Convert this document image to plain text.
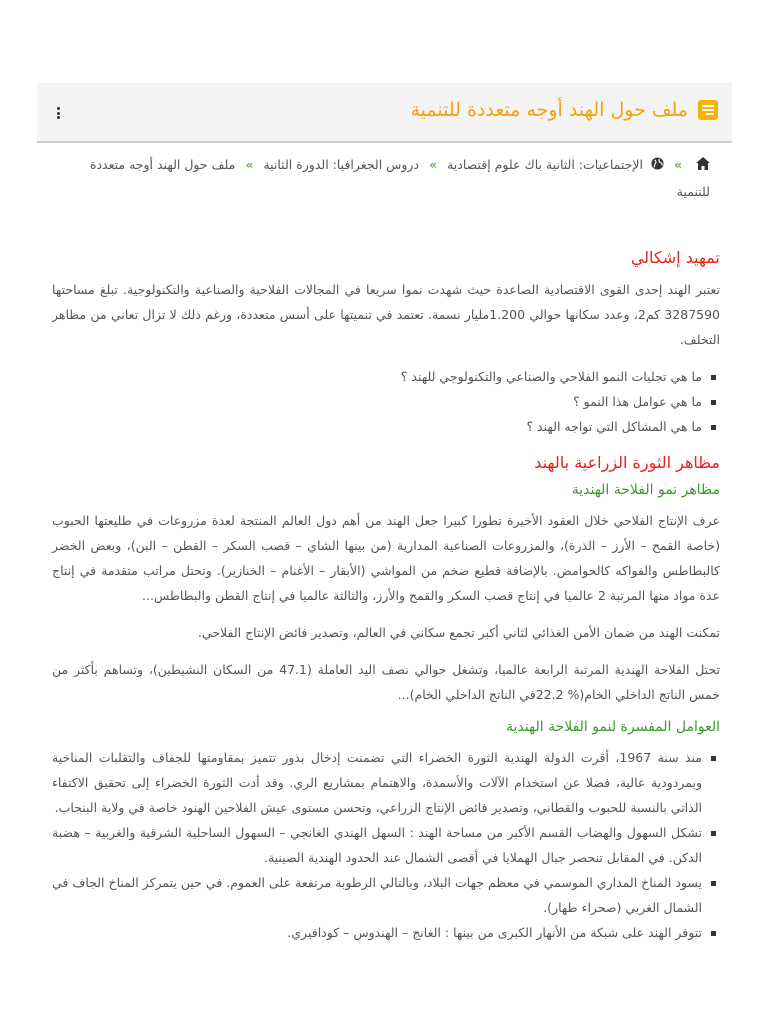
ملف حول الهند أوجه متعددة للتنمية
»  الإجتماعيات: الثانية باك علوم إقتصادية » دروس الجغرافيا: الدورة الثانية » ملف حول الهند أوجه متعددة للتنمية
تمهيد إشكالي

تعتبر الهند إحدى القوى الاقتصادية الصاعدة حيث شهدت نموا سريعا في المجالات الفلاحية والصناعية والتكنولوجية. تبلغ مساحتها 3287590 كم2، وعدد سكانها حوالي 1.200مليار نسمة. تعتمد في تنميتها على أسس متعددة، ورغم ذلك لا تزال تعاني من مظاهر التخلف.

ما هي تجليات النمو الفلاحي والصناعي والتكنولوجي للهند ؟
ما هي عوامل هذا النمو ؟
ما هي المشاكل التي تواجه الهند ؟
مظاهر الثورة الزراعية بالهند
مظاهر نمو الفلاحة الهندية

عرف الإنتاج الفلاحي خلال العقود الأخيرة تطورا كبيرا جعل الهند من أهم دول العالم المنتجة لعدة مزروعات في طليعتها الحبوب (خاصة القمح – الأرز – الذرة)، والمزروعات الصناعية المدارية (من بينها الشاي – قصب السكر – القطن – البن)، وبعض الخضر كالبطاطس والفواكه كالحوامض. بالإضافة قطيع ضخم من المواشي (الأبقار – الأغنام – الخنازير). وتحتل مراتب متقدمة في إنتاج عدة مواد منها المرتبة 2 عالميا في إنتاج قصب السكر والقمح والأرز، والثالثة عالميا في إنتاج القطن والبطاطس...

تمكنت الهند من ضمان الأمن الغذائي لثاني أكبر تجمع سكاني في العالم، وتصدير فائض الإنتاج الفلاحي.

تحتل الفلاحة الهندية المرتبة الرابعة عالميا، وتشغل حوالي نصف اليد العاملة (47.1 من السكان النشيطين)، وتساهم بأكثر من خمس الناتج الداخلي الخام(% 22.2في الناتج الداخلي الخام)...

العوامل المفسرة لنمو الفلاحة الهندية
منذ سنة 1967، أقرت الدولة الهندية الثورة الخضراء التي تضمنت إدخال بذور تتميز بمقاومتها للجفاف والتقلبات المناخية وبمردودية عالية، فضلا عن استخدام الآلات والأسمدة، والاهتمام بمشاريع الري. وقد أدت الثورة الخضراء إلى تحقيق الاكتفاء الذاتي بالنسبة للحبوب والقطاني، وتصدير فائض الإنتاج الزراعي، وتحسن مستوى عيش الفلاحين الهنود خاصة في ولاية البنجاب.
تشكل السهول والهضاب القسم الأكبر من مساحة الهند : السهل الهندي الغانجي – السهول الساحلية الشرقية والغربية – هضبة الدكن. في المقابل تنحصر جبال الهملايا في أقصى الشمال عند الحدود الهندية الصينية.
يسود المناخ المداري الموسمي في معظم جهات البلاد، وبالتالي الرطوبة مرتفعة على العموم. في حين يتمركز المناخ الجاف في الشمال الغربي (صحراء طهار).
تتوفر الهند على شبكة من الأنهار الكبرى من بينها : الغانج – الهندوس – كودافيري.
